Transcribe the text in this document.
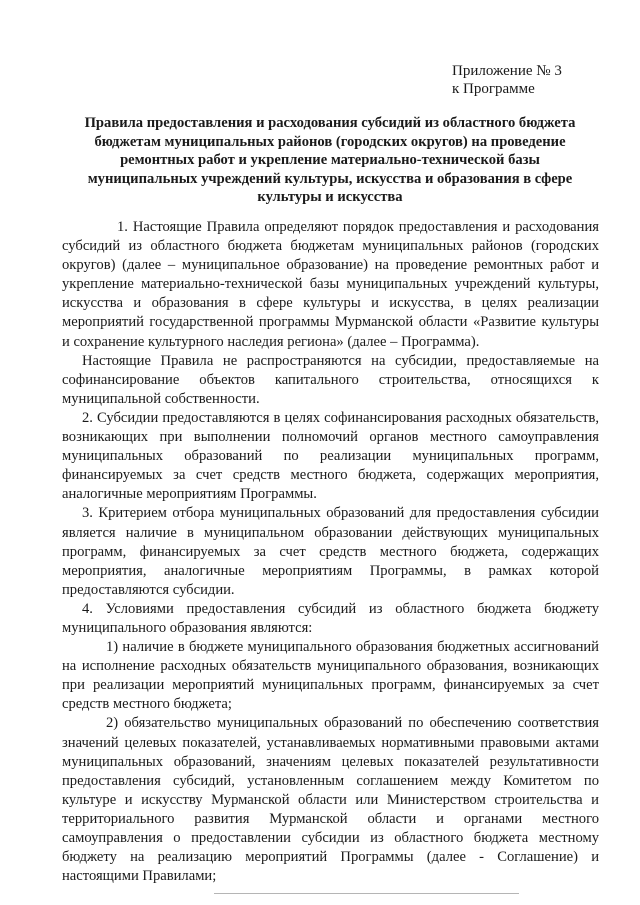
Приложение № 3
к Программе
Правила предоставления и расходования субсидий из областного бюджета бюджетам муниципальных районов (городских округов) на проведение ремонтных работ и укрепление материально-технической базы муниципальных учреждений культуры, искусства и образования в сфере культуры и искусства

1. Настоящие Правила определяют порядок предоставления и расходования субсидий из областного бюджета бюджетам муниципальных районов (городских округов) (далее – муниципальное образование) на проведение ремонтных работ и укрепление материально-технической базы муниципальных учреждений культуры, искусства и образования в сфере культуры и искусства, в целях реализации мероприятий государственной программы Мурманской области «Развитие культуры и сохранение культурного наследия региона» (далее – Программа).

Настоящие Правила не распространяются на субсидии, предоставляемые на софинансирование объектов капитального строительства, относящихся к муниципальной собственности.

2. Субсидии предоставляются в целях софинансирования расходных обязательств, возникающих при выполнении полномочий органов местного самоуправления муниципальных образований по реализации муниципальных программ, финансируемых за счет средств местного бюджета, содержащих мероприятия, аналогичные мероприятиям Программы.

3. Критерием отбора муниципальных образований для предоставления субсидии является наличие в муниципальном образовании действующих муниципальных программ, финансируемых за счет средств местного бюджета, содержащих мероприятия, аналогичные мероприятиям Программы, в рамках которой предоставляются субсидии.

4. Условиями предоставления субсидий из областного бюджета бюджету муниципального образования являются:

1) наличие в бюджете муниципального образования бюджетных ассигнований на исполнение расходных обязательств муниципального образования, возникающих при реализации мероприятий муниципальных программ, финансируемых за счет средств местного бюджета;

2) обязательство муниципальных образований по обеспечению соответствия значений целевых показателей, устанавливаемых нормативными правовыми актами муниципальных образований, значениям целевых показателей результативности предоставления субсидий, установленным соглашением между Комитетом по культуре и искусству Мурманской области или Министерством строительства и территориального развития Мурманской области и органами местного самоуправления о предоставлении субсидии из областного бюджета местному бюджету на реализацию мероприятий Программы (далее - Соглашение) и настоящими Правилами;
